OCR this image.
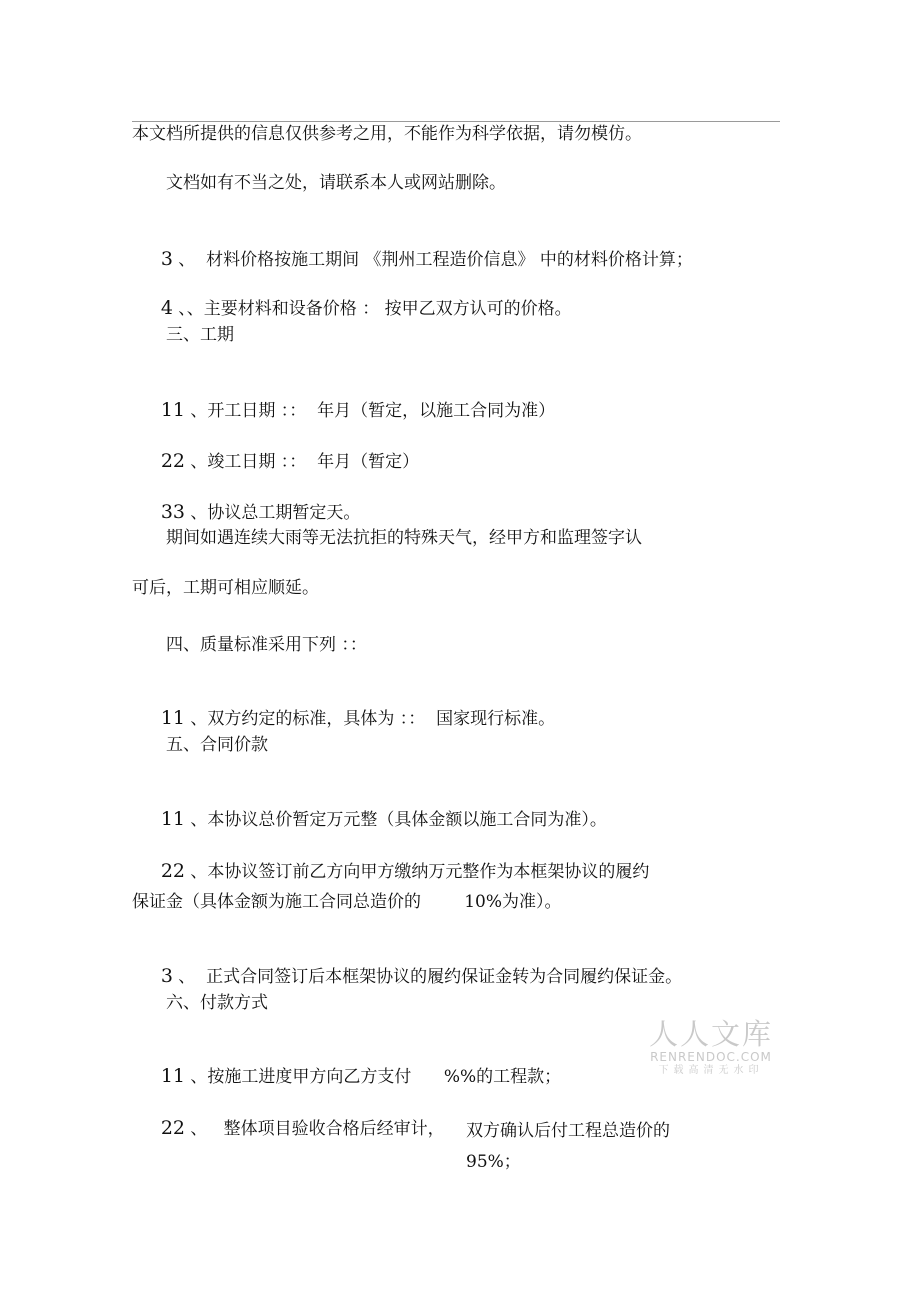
本文档所提供的信息仅供参考之用，不能作为科学依据，请勿模仿。
文档如有不当之处，请联系本人或网站删除。

3 、  材料价格按施工期间 《荆州工程造价信息》 中的材料价格计算；

4 、、主要材料和设备价格 ： 按甲乙双方认可的价格。

三、工期

11 、开工日期 ：：  年月（暂定，以施工合同为准）

22 、竣工日期 ：：  年月（暂定）

33 、协议总工期暂定天。

期间如遇连续大雨等无法抗拒的特殊天气，经甲方和监理签字认
可后，工期可相应顺延。
四、质量标准采用下列 ：：

11 、双方约定的标准，具体为 ：：  国家现行标准。

五、合同价款

11 、本协议总价暂定万元整（具体金额以施工合同为准）。

22 、本协议签订前乙方向甲方缴纳万元整作为本框架协议的履约

保证金（具体金额为施工合同总造价的        10%为准）。

3 、  正式合同签订后本框架协议的履约保证金转为合同履约保证金。

六、付款方式

11 、按施工进度甲方向乙方支付      %%的工程款；

22 、   整体项目验收合格后经审计， 双方确认后付工程总造价的
95%；
人人文库
RENRENDOC.COM
下载高清无水印
